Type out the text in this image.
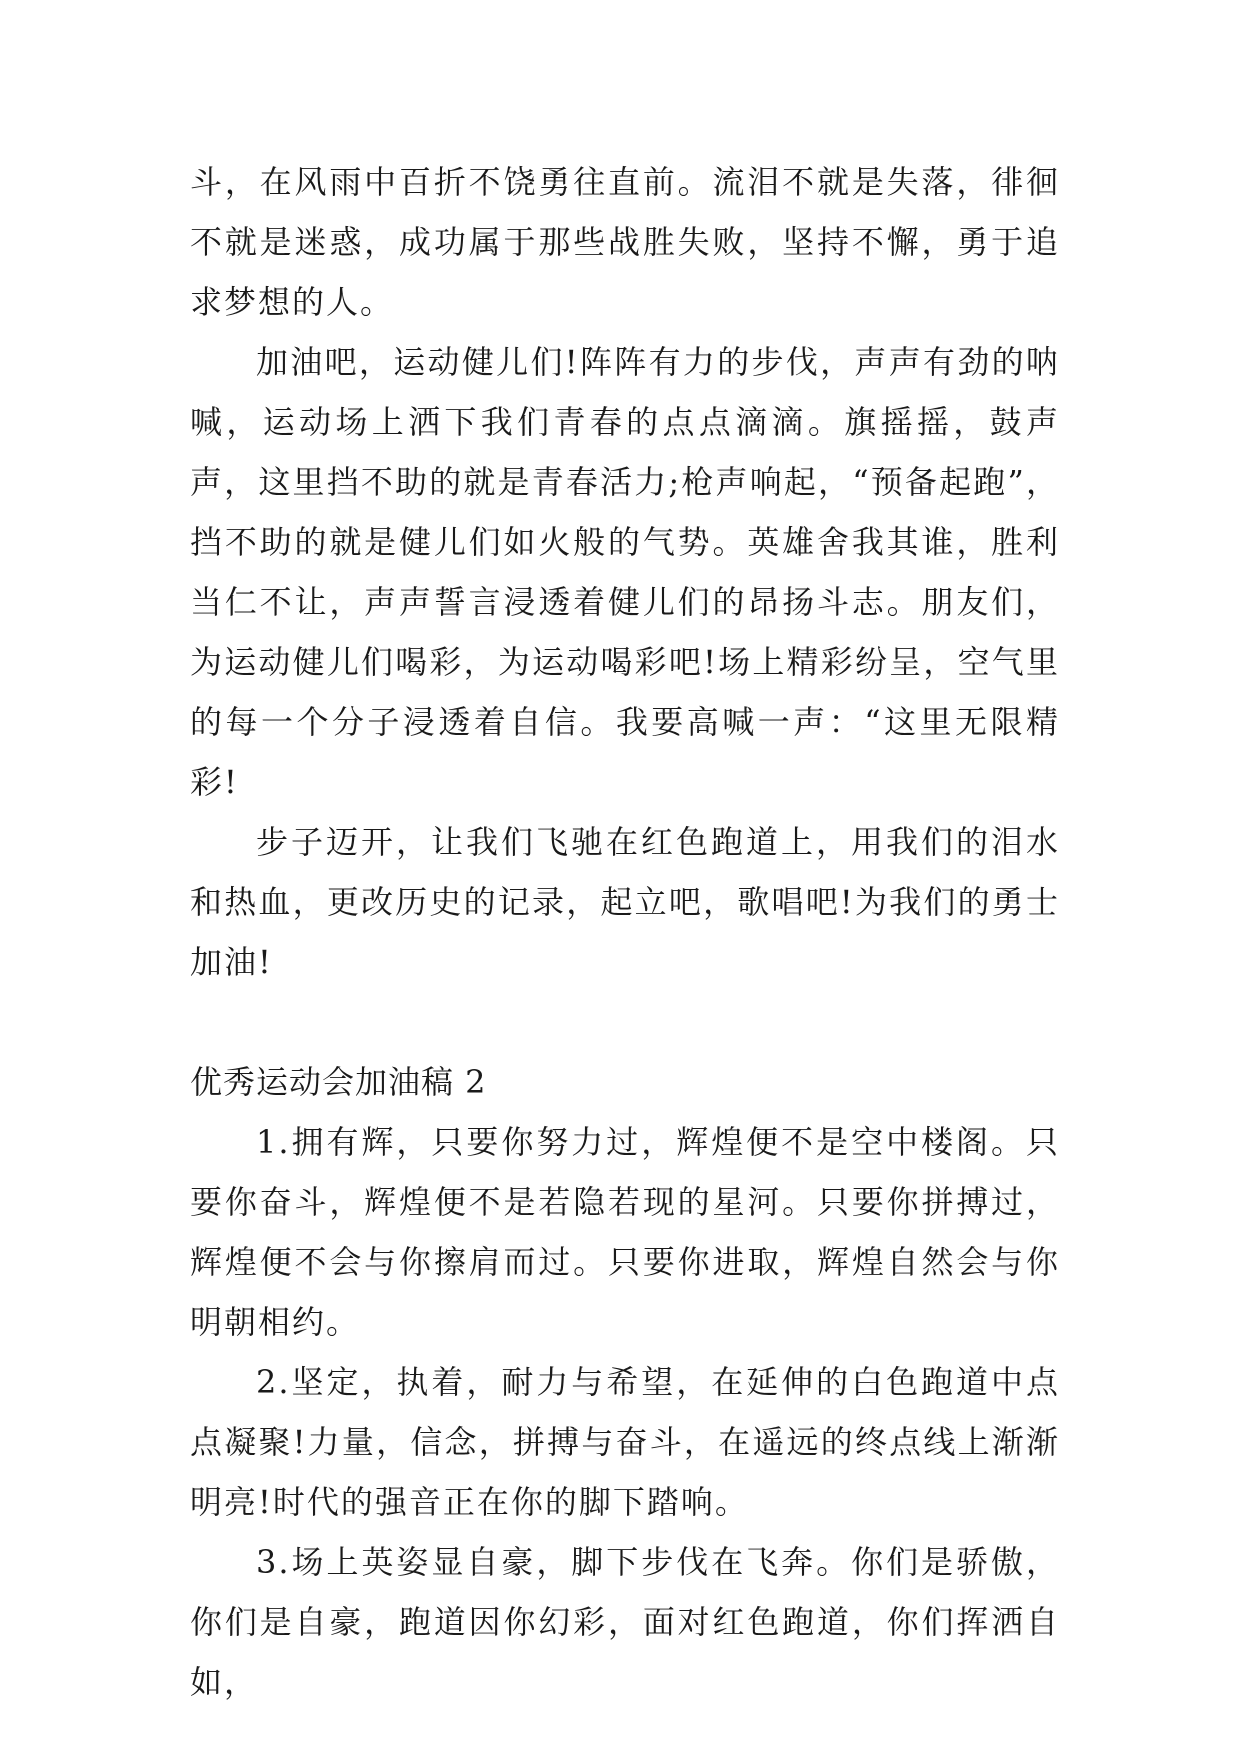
斗，在风雨中百折不饶勇往直前。流泪不就是失落，徘徊不就是迷惑，成功属于那些战胜失败，坚持不懈，勇于追求梦想的人。

加油吧，运动健儿们!阵阵有力的步伐，声声有劲的呐喊，运动场上洒下我们青春的点点滴滴。旗摇摇，鼓声声，这里挡不助的就是青春活力;枪声响起，“预备起跑”，挡不助的就是健儿们如火般的气势。英雄舍我其谁，胜利当仁不让，声声誓言浸透着健儿们的昂扬斗志。朋友们，为运动健儿们喝彩，为运动喝彩吧!场上精彩纷呈，空气里的每一个分子浸透着自信。我要高喊一声：“这里无限精彩!

步子迈开，让我们飞驰在红色跑道上，用我们的泪水和热血，更改历史的记录，起立吧，歌唱吧!为我们的勇士加油!

优秀运动会加油稿 2

1.拥有辉，只要你努力过，辉煌便不是空中楼阁。只要你奋斗，辉煌便不是若隐若现的星河。只要你拼搏过，辉煌便不会与你擦肩而过。只要你进取，辉煌自然会与你明朝相约。

2.坚定，执着，耐力与希望，在延伸的白色跑道中点点凝聚!力量，信念，拼搏与奋斗，在遥远的终点线上渐渐明亮!时代的强音正在你的脚下踏响。

3.场上英姿显自豪，脚下步伐在飞奔。你们是骄傲，你们是自豪，跑道因你幻彩，面对红色跑道，你们挥洒自如，
